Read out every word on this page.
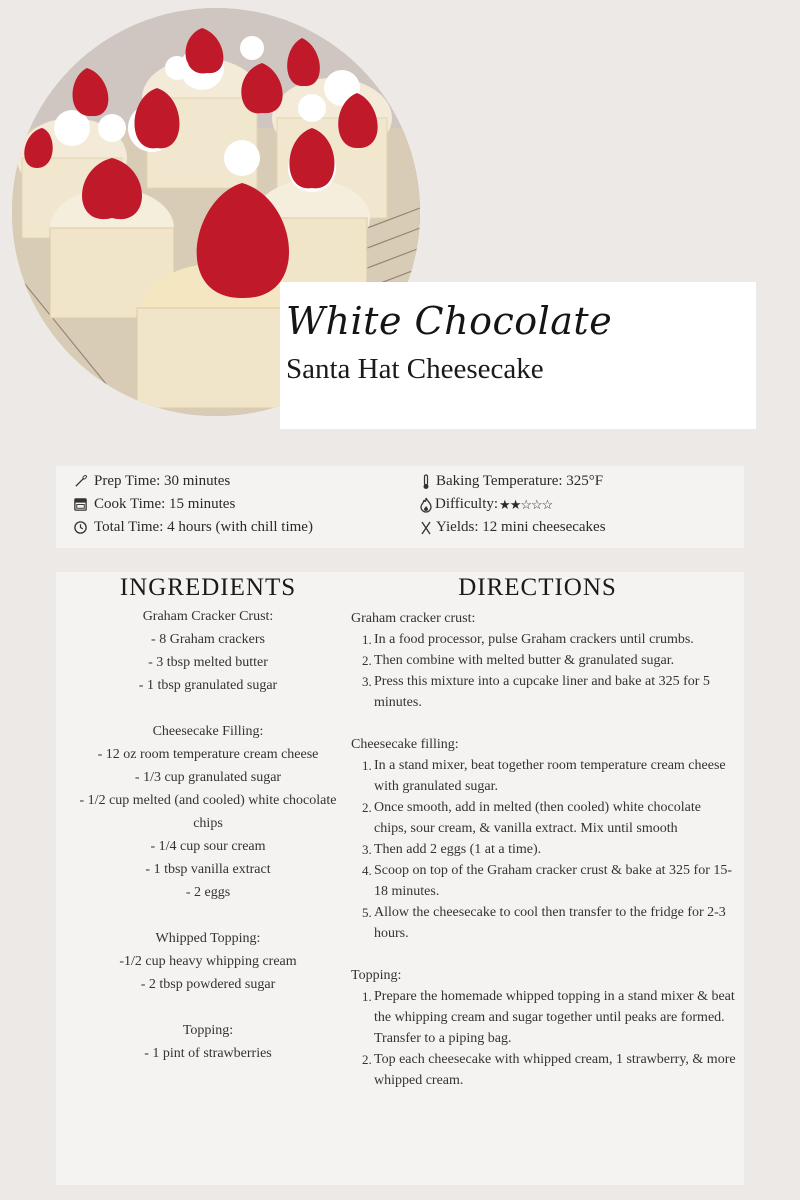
White Chocolate
Santa Hat Cheesecake
Prep Time: 30 minutes
Cook Time: 15 minutes
Total Time: 4 hours (with chill time)
Baking Temperature: 325°F
Difficulty: ★★☆☆☆
Yields: 12 mini cheesecakes
INGREDIENTS
Graham Cracker Crust:
- 8 Graham crackers
- 3 tbsp melted butter
- 1 tbsp granulated sugar
Cheesecake Filling:
- 12 oz room temperature cream cheese
- 1/3 cup granulated sugar
- 1/2 cup melted (and cooled) white chocolate
chips
- 1/4 cup sour cream
- 1 tbsp vanilla extract
- 2 eggs
Whipped Topping:
-1/2 cup heavy whipping cream
- 2 tbsp powdered sugar
Topping:
- 1 pint of strawberries
DIRECTIONS
Graham cracker crust:
1. In a food processor, pulse Graham crackers until crumbs.
2. Then combine with melted butter & granulated sugar.
3. Press this mixture into a cupcake liner and bake at 325 for 5 minutes.
Cheesecake filling:
1. In a stand mixer, beat together room temperature cream cheese with granulated sugar.
2. Once smooth, add in melted (then cooled) white chocolate chips, sour cream, & vanilla extract. Mix until smooth
3. Then add 2 eggs (1 at a time).
4. Scoop on top of the Graham cracker crust & bake at 325 for 15-18 minutes.
5. Allow the cheesecake to cool then transfer to the fridge for 2-3 hours.
Topping:
1. Prepare the homemade whipped topping in a stand mixer & beat the whipping cream and sugar together until peaks are formed. Transfer to a piping bag.
2. Top each cheesecake with whipped cream, 1 strawberry, & more whipped cream.
